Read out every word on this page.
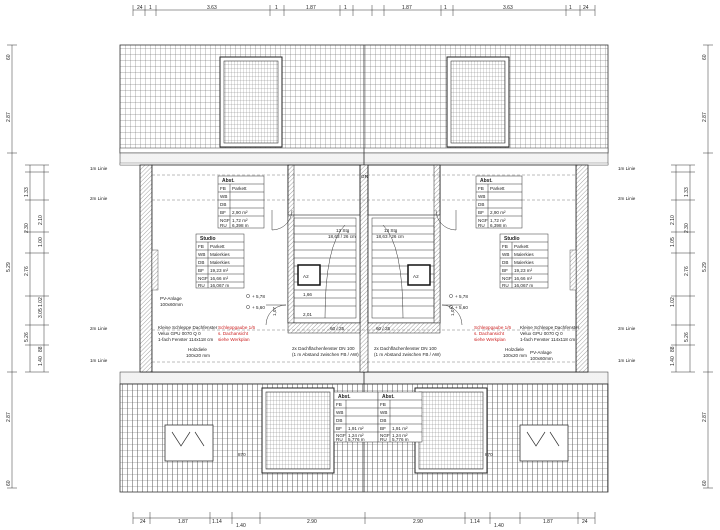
24 1	3.63	1	1.87	1	1.87	1	3.63	1 24
24	1.87	1.14
1.40
2.90	2.90	1.14
1.40
1.87	24
60
2.87
1.33
2.10
1.00
2.76
3.05
1.02
88
1.40
2.87
60
5.29
2.30
5.26
60
2.87
1.33
2.10
1.05
1.02
2.76
5.26
88
1.40
2.87
60
5.29
2.30
870	870
1m Linie
2m Linie
2m Linie
1m Linie
1m Linie
2m Linie
2m Linie
1m Linie
Abst.
FB Parkett
WB
DB
BF 2,90 m²
NGF 1,72 m²
RU 6,398 m
Abst.
FB Parkett
WB
DB
BF 2,90 m²
NGF 1,72 m²
RU 6,398 m
Studio
FB Parkett
WB Malerkies
DB Malerkies
BF 19,23 m²
NGF 16,66 m²
RU 16,067 m
Studio
FB Parkett
WB Malerkies
DB Malerkies
BF 19,23 m²
NGF 16,66 m²
RU 16,067 m
Abst.
FB
WB
DB
BF 1,91 m²
NGF 1,24 m²
RU 5,776 m
Abst.
FB
WB
DB
BF 1,91 m²
NGF 1,24 m²
RU 5,776 m
13 Stg
18,63 / 26 cm
13 Stg
18,63 / 26 cm
A2	A2
PV-Anlage
100x60mm
PV-Anlage
100x60mm
+ 5,78
+ 5,60
+ 5,78
+ 5,60
Kleine Schleppe Dachfenster
Velux GPU 0070 Q 0
1-fach Fenster 114x118 cm
Kleine Schleppe Dachfenster
Velux GPU 0070 Q 0
1-fach Fenster 114x118 cm
Schleppgaube 1/6
s. Dachansicht
siehe Werkplan
Schleppgaube 1/6
s. Dachansicht
siehe Werkplan
Holzdiele
100x20 mm
Holzdiele
100x20 mm
2x Dachflächenfenster DN 100
(1 m Abstand zwischen FB / AW)
2x Dachflächenfenster DN 100
(1 m Abstand zwischen FB / AW)
60 / 25	60 / 25
GR
2,01
1,66
1,07	1,07
